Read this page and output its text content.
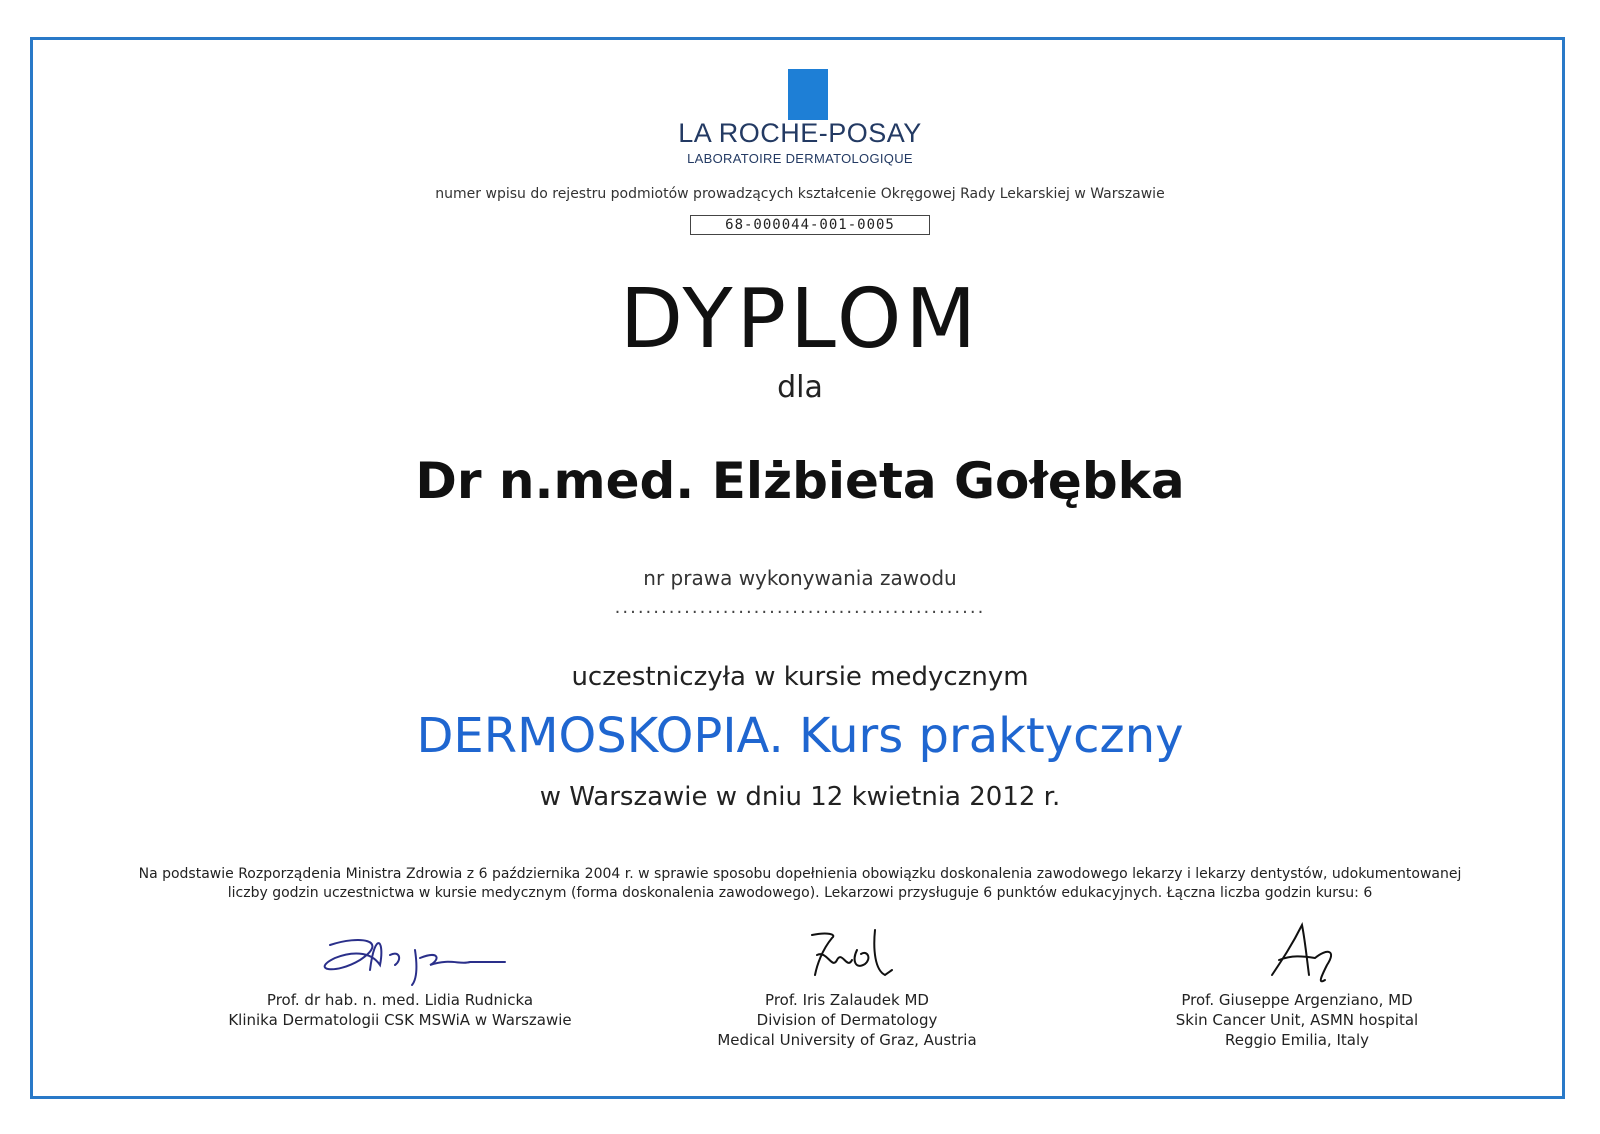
LA ROCHE-POSAY
LABORATOIRE DERMATOLOGIQUE
numer wpisu do rejestru podmiotów prowadzących kształcenie Okręgowej Rady Lekarskiej w Warszawie
68-000044-001-0005
DYPLOM
dla
Dr n.med. Elżbieta Gołębka
nr prawa wykonywania zawodu
................................................
uczestniczyła w kursie medycznym
DERMOSKOPIA. Kurs praktyczny
w Warszawie w dniu 12 kwietnia 2012 r.
Na podstawie Rozporządenia Ministra Zdrowia z 6 października 2004 r. w sprawie sposobu dopełnienia obowiązku doskonalenia zawodowego lekarzy i lekarzy dentystów, udokumentowanej
liczby godzin uczestnictwa w kursie medycznym (forma doskonalenia zawodowego). Lekarzowi przysługuje 6 punktów edukacyjnych. Łączna liczba godzin kursu: 6
Prof. dr hab. n. med. Lidia Rudnicka
Klinika Dermatologii CSK MSWiA w Warszawie
Prof. Iris Zalaudek MD
Division of Dermatology
Medical University of Graz, Austria
Prof. Giuseppe Argenziano, MD
Skin Cancer Unit, ASMN hospital
Reggio Emilia, Italy
